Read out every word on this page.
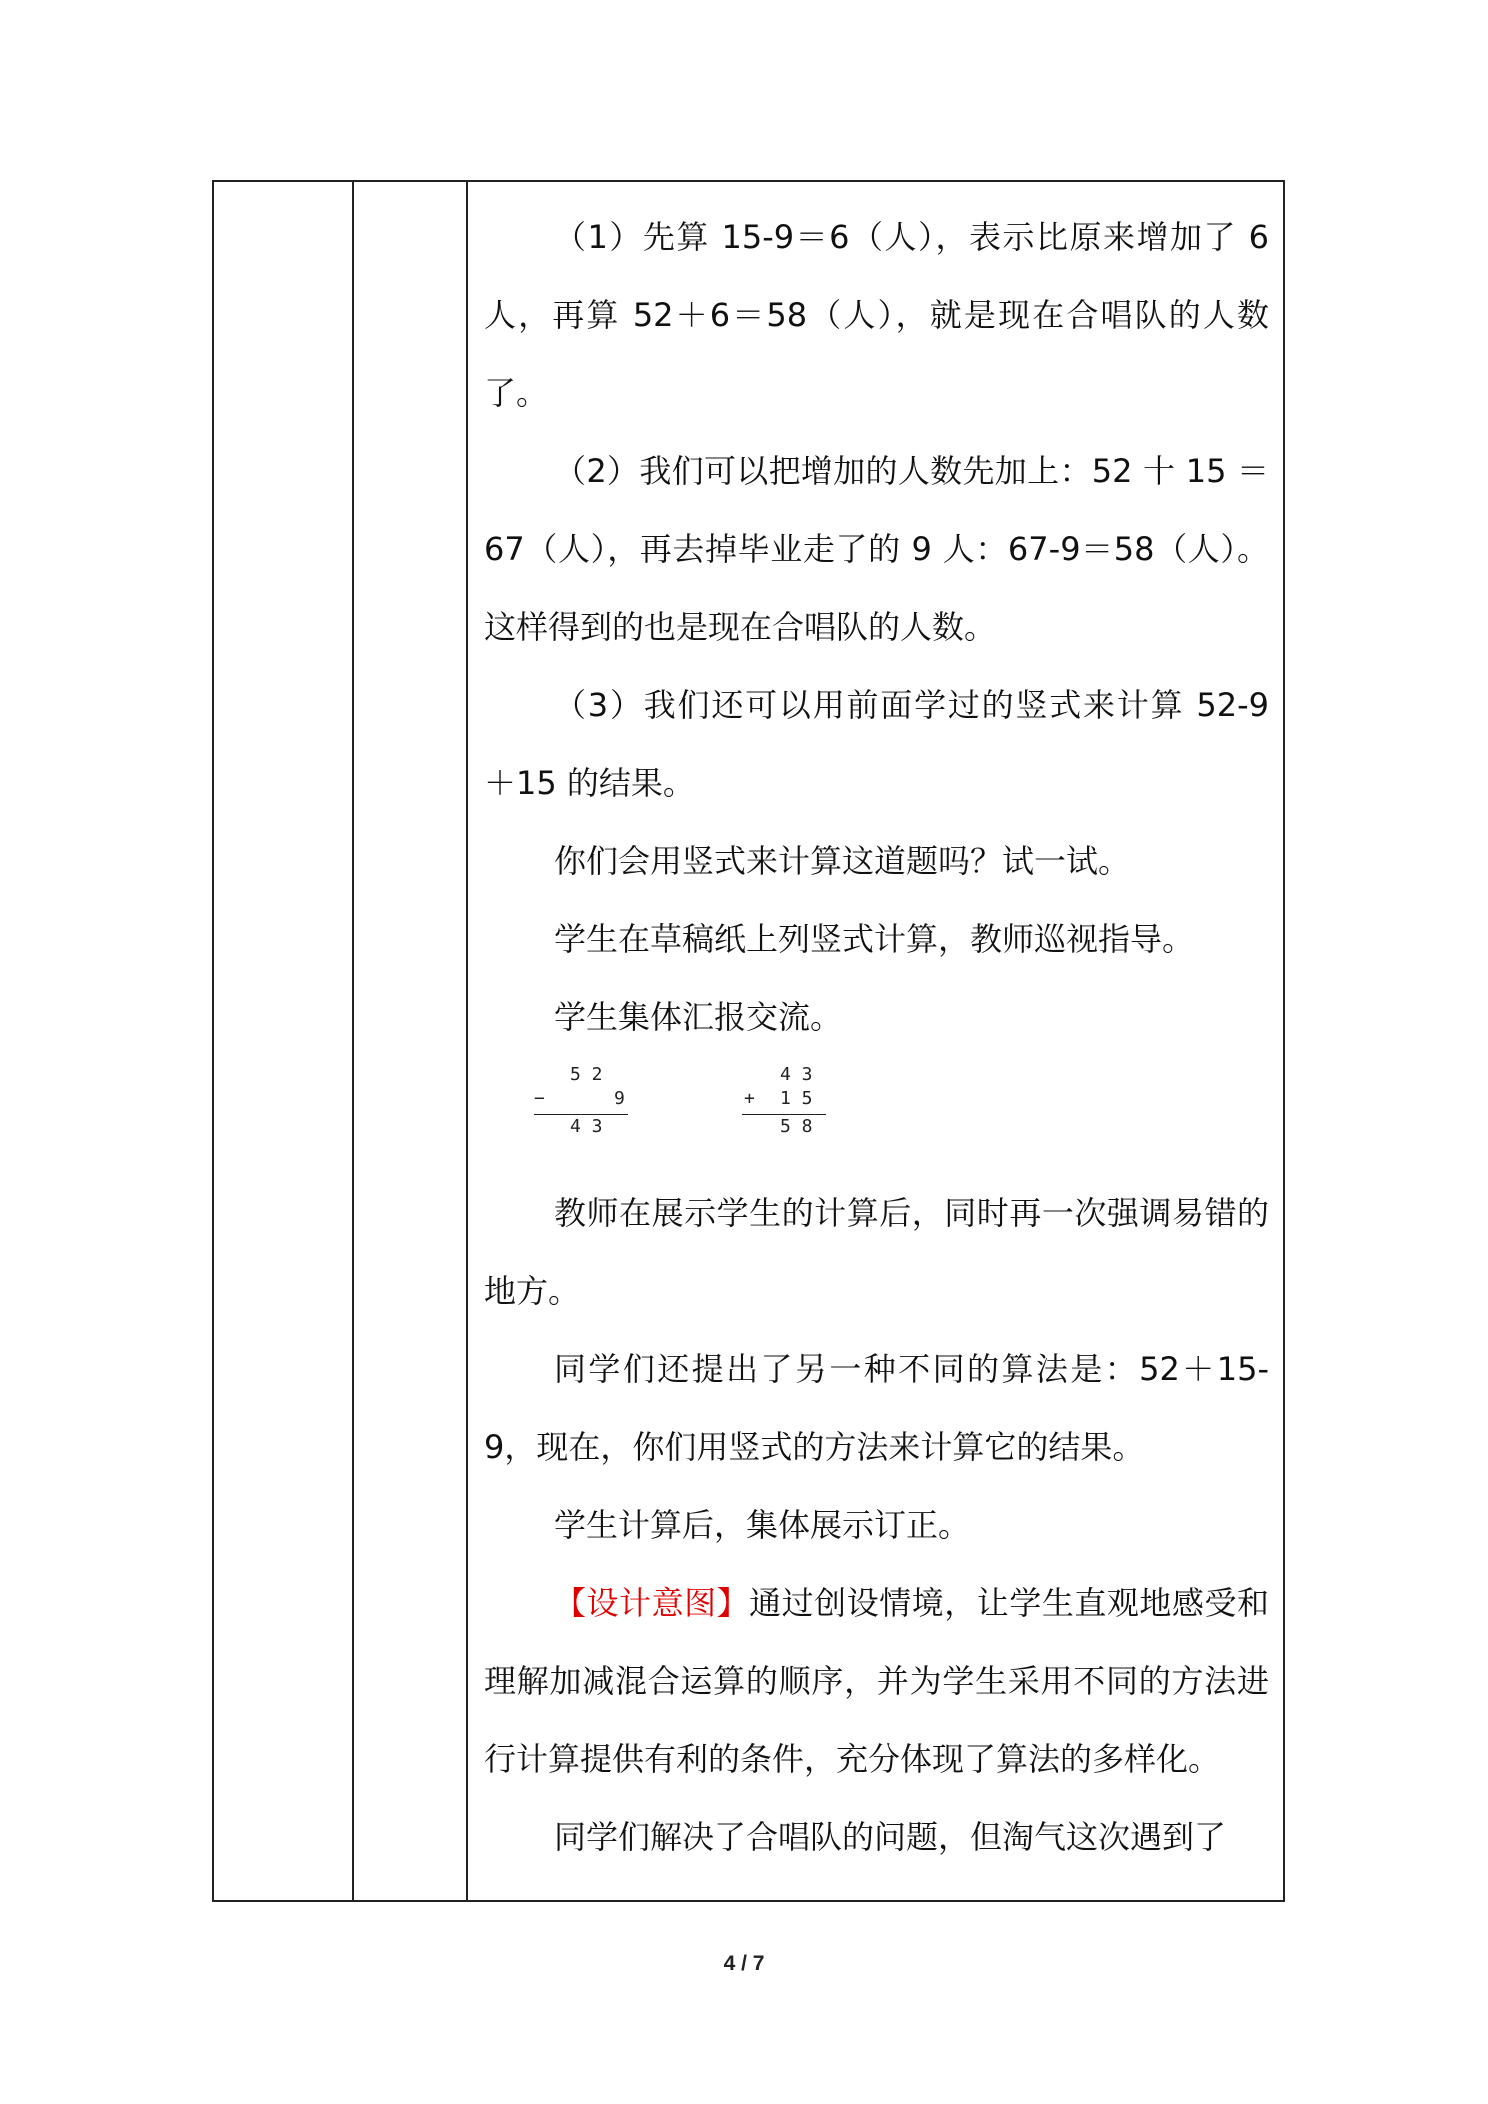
（1）先算 15-9＝6（人），表示比原来增加了 6 人，再算 52＋6＝58（人），就是现在合唱队的人数了。

（2）我们可以把增加的人数先加上：52 十 15 ＝67（人），再去掉毕业走了的 9 人：67-9＝58（人）。这样得到的也是现在合唱队的人数。

（3）我们还可以用前面学过的竖式来计算 52-9 ＋15 的结果。

你们会用竖式来计算这道题吗？试一试。

学生在草稿纸上列竖式计算，教师巡视指导。

学生集体汇报交流。

5 2
−	9
4 3
4 3
+ 1 5
5 8

教师在展示学生的计算后，同时再一次强调易错的地方。

同学们还提出了另一种不同的算法是：52＋15-9，现在，你们用竖式的方法来计算它的结果。

学生计算后，集体展示订正。

【设计意图】通过创设情境，让学生直观地感受和理解加减混合运算的顺序，并为学生采用不同的方法进行计算提供有利的条件，充分体现了算法的多样化。

同学们解决了合唱队的问题，但淘气这次遇到了

4 / 7
